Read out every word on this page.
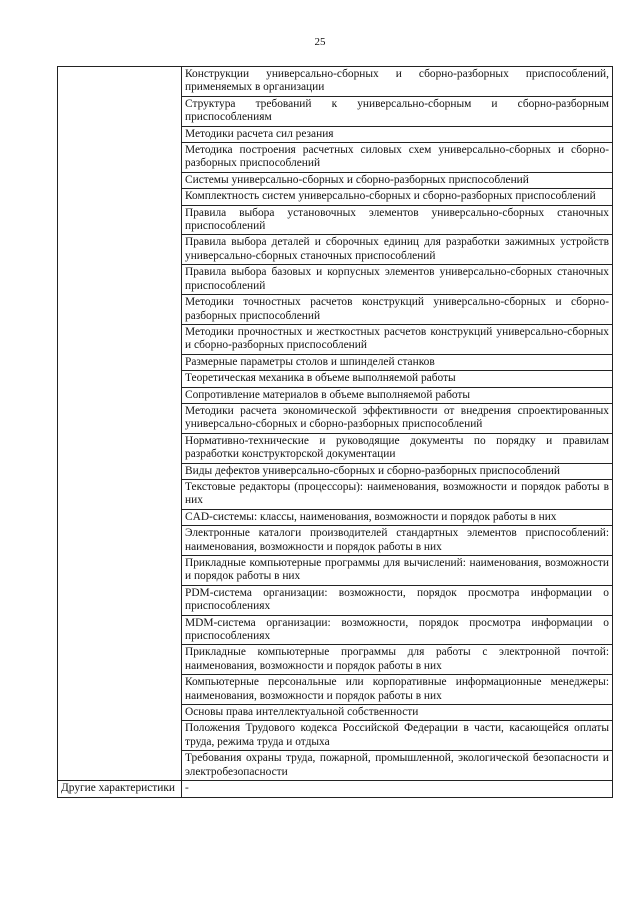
25
	Конструкции универсально-сборных и сборно-разборных приспособлений, применяемых в организации
	Структура требований к универсально-сборным и сборно-разборным приспособлениям
	Методики расчета сил резания
	Методика построения расчетных силовых схем универсально-сборных и сборно-разборных приспособлений
	Системы универсально-сборных и сборно-разборных приспособлений
	Комплектность систем универсально-сборных и сборно-разборных приспособлений
	Правила выбора установочных элементов универсально-сборных станочных приспособлений
	Правила выбора деталей и сборочных единиц для разработки зажимных устройств универсально-сборных станочных приспособлений
	Правила выбора базовых и корпусных элементов универсально-сборных станочных приспособлений
	Методики точностных расчетов конструкций универсально-сборных и сборно-разборных приспособлений
	Методики прочностных и жесткостных расчетов конструкций универсально-сборных и сборно-разборных приспособлений
	Размерные параметры столов и шпинделей станков
	Теоретическая механика в объеме выполняемой работы
	Сопротивление материалов в объеме выполняемой работы
	Методики расчета экономической эффективности от внедрения спроектированных универсально-сборных и сборно-разборных приспособлений
	Нормативно-технические и руководящие документы по порядку и правилам разработки конструкторской документации
	Виды дефектов универсально-сборных и сборно-разборных приспособлений
	Текстовые редакторы (процессоры): наименования, возможности и порядок работы в них
	CAD-системы: классы, наименования, возможности и порядок работы в них
	Электронные каталоги производителей стандартных элементов приспособлений: наименования, возможности и порядок работы в них
	Прикладные компьютерные программы для вычислений: наименования, возможности и порядок работы в них
	PDM-система организации: возможности, порядок просмотра информации о приспособлениях
	MDM-система организации: возможности, порядок просмотра информации о приспособлениях
	Прикладные компьютерные программы для работы с электронной почтой: наименования, возможности и порядок работы в них
	Компьютерные персональные или корпоративные информационные менеджеры: наименования, возможности и порядок работы в них
	Основы права интеллектуальной собственности
	Положения Трудового кодекса Российской Федерации в части, касающейся оплаты труда, режима труда и отдыха
	Требования охраны труда, пожарной, промышленной, экологической безопасности и электробезопасности
Другие характеристики	-
